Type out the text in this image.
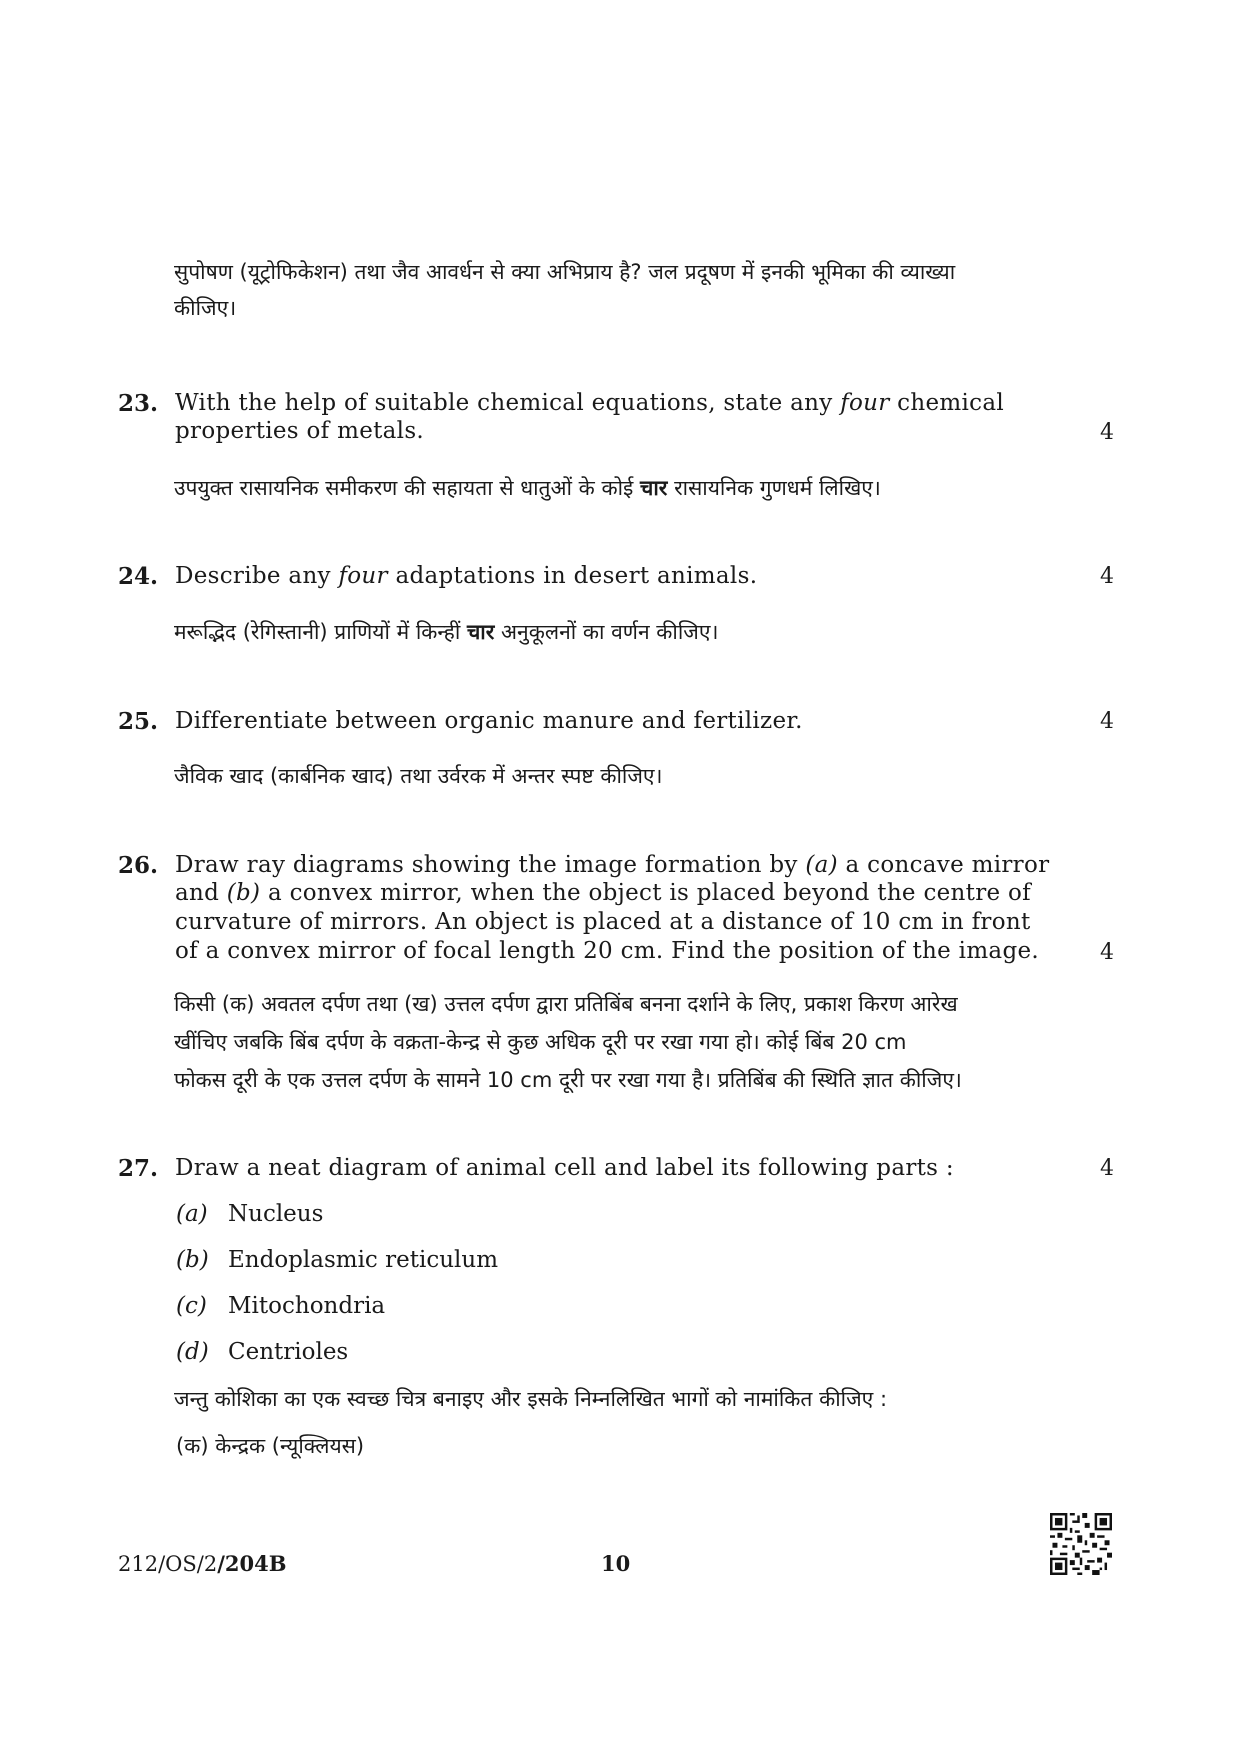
सुपोषण (यूट्रोफिकेशन) तथा जैव आवर्धन से क्या अभिप्राय है? जल प्रदूषण में इनकी भूमिका की व्याख्या
कीजिए।
23. With the help of suitable chemical equations, state any four chemical
properties of metals.	4
उपयुक्त रासायनिक समीकरण की सहायता से धातुओं के कोई चार रासायनिक गुणधर्म लिखिए।
24. Describe any four adaptations in desert animals.	4
मरूद्भिद (रेगिस्तानी) प्राणियों में किन्हीं चार अनुकूलनों का वर्णन कीजिए।
25. Differentiate between organic manure and fertilizer.	4
जैविक खाद (कार्बनिक खाद) तथा उर्वरक में अन्तर स्पष्ट कीजिए।
26. Draw ray diagrams showing the image formation by (a) a concave mirror
and (b) a convex mirror, when the object is placed beyond the centre of
curvature of mirrors. An object is placed at a distance of 10 cm in front
of a convex mirror of focal length 20 cm. Find the position of the image.	4
किसी (क) अवतल दर्पण तथा (ख) उत्तल दर्पण द्वारा प्रतिबिंब बनना दर्शाने के लिए, प्रकाश किरण आरेख
खींचिए जबकि बिंब दर्पण के वक्रता-केन्द्र से कुछ अधिक दूरी पर रखा गया हो। कोई बिंब 20 cm
फोकस दूरी के एक उत्तल दर्पण के सामने 10 cm दूरी पर रखा गया है। प्रतिबिंब की स्थिति ज्ञात कीजिए।
27. Draw a neat diagram of animal cell and label its following parts :	4
(a) Nucleus
(b) Endoplasmic reticulum
(c) Mitochondria
(d) Centrioles
जन्तु कोशिका का एक स्वच्छ चित्र बनाइए और इसके निम्नलिखित भागों को नामांकित कीजिए :
(क) केन्द्रक (न्यूक्लियस)
212/OS/2/204B	10
